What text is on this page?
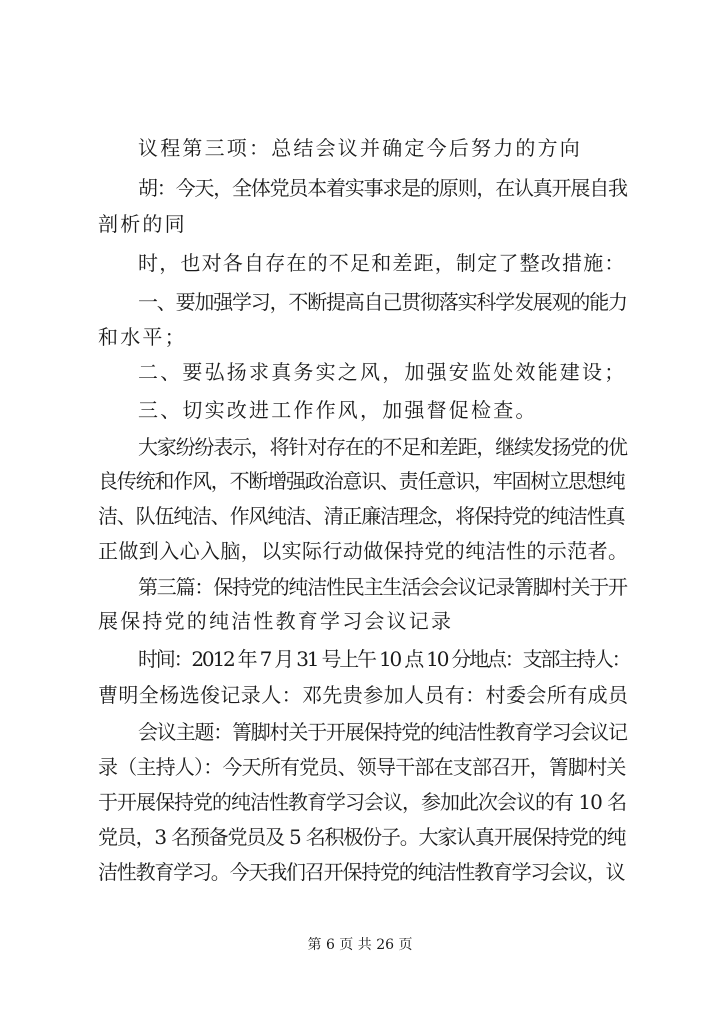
议程第三项：总结会议并确定今后努力的方向
胡：今天，全体党员本着实事求是的原则，在认真开展自我
剖析的同
时，也对各自存在的不足和差距，制定了整改措施：
一、要加强学习，不断提高自己贯彻落实科学发展观的能力
和水平；
二、要弘扬求真务实之风，加强安监处效能建设；
三、切实改进工作作风，加强督促检查。
大家纷纷表示，将针对存在的不足和差距，继续发扬党的优
良传统和作风，不断增强政治意识、责任意识，牢固树立思想纯
洁、队伍纯洁、作风纯洁、清正廉洁理念，将保持党的纯洁性真
正做到入心入脑，以实际行动做保持党的纯洁性的示范者。
第三篇：保持党的纯洁性民主生活会会议记录箐脚村关于开
展保持党的纯洁性教育学习会议记录
时间：2012 年 7 月 31 号上午 10 点 10 分地点：支部主持人：
曹明全杨选俊记录人：邓先贵参加人员有：村委会所有成员
会议主题：箐脚村关于开展保持党的纯洁性教育学习会议记
录（主持人）：今天所有党员、领导干部在支部召开，箐脚村关
于开展保持党的纯洁性教育学习会议，参加此次会议的有 10 名
党员，3 名预备党员及 5 名积极份子。大家认真开展保持党的纯
洁性教育学习。今天我们召开保持党的纯洁性教育学习会议，议
第 6 页 共 26 页
